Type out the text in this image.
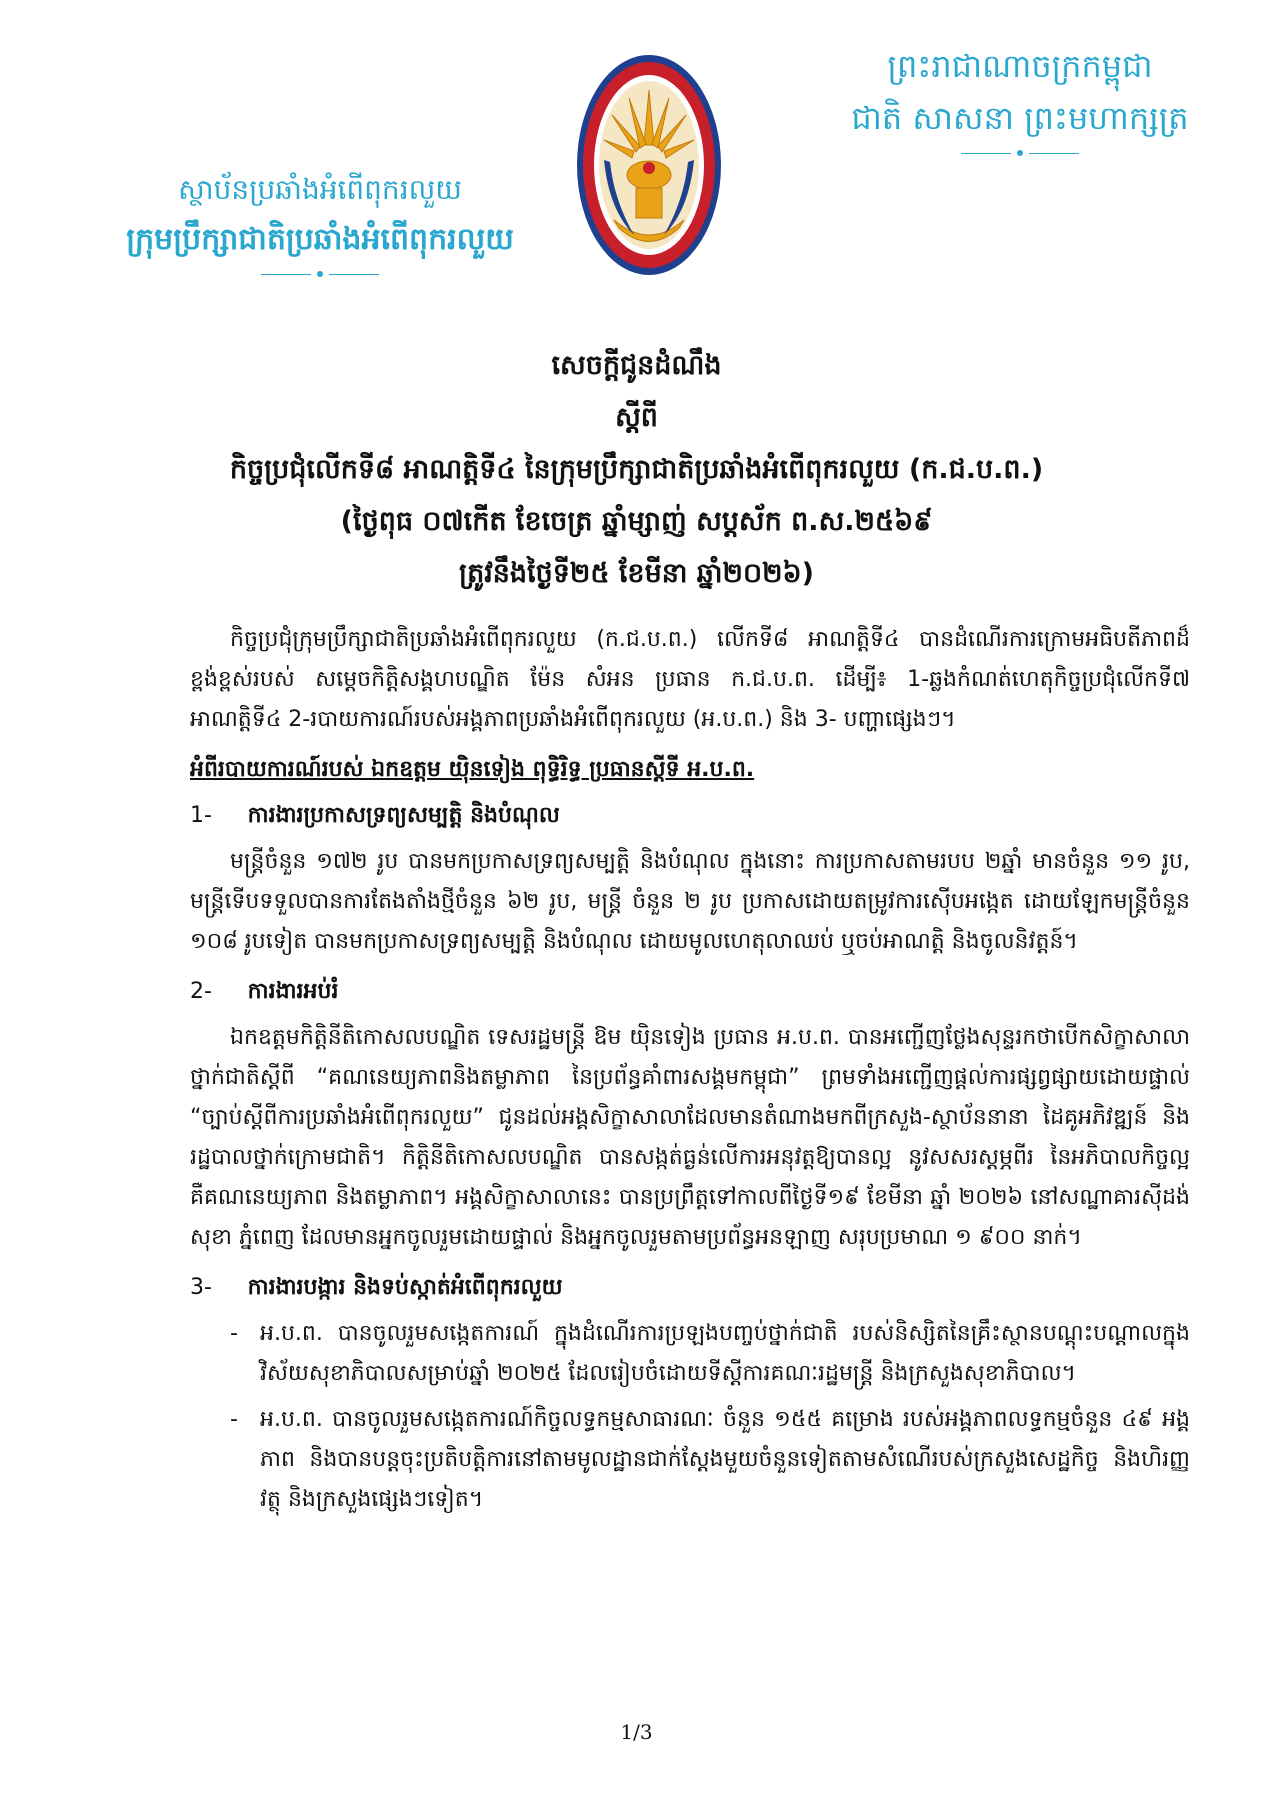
ព្រះរាជាណាចក្រកម្ពុជា
ជាតិ សាសនា ព្រះមហាក្សត្រ
ស្ថាប័នប្រឆាំងអំពើពុករលួយ
ក្រុមប្រឹក្សាជាតិប្រឆាំងអំពើពុករលួយ
សេចក្តីជូនដំណឹង
ស្តីពី
កិច្ចប្រជុំលើកទី៨ អាណត្តិទី៤ នៃក្រុមប្រឹក្សាជាតិប្រឆាំងអំពើពុករលួយ (ក.ជ.ប.ព.)
(ថ្ងៃពុធ ០៧កើត ខែចេត្រ ឆ្នាំម្សាញ់ សប្តស័ក ព.ស.២៥៦៩
ត្រូវនឹងថ្ងៃទី២៥ ខែមីនា ឆ្នាំ២០២៦)

កិច្ចប្រជុំក្រុមប្រឹក្សាជាតិប្រឆាំងអំពើពុករលួយ (ក.ជ.ប.ព.) លើកទី៨ អាណត្តិទី៤ បានដំណើរការក្រោមអធិបតីភាពដ៏ខ្ពង់ខ្ពស់របស់ សម្តេចកិត្តិសង្គហបណ្ឌិត ម៉ែន សំអន ប្រធាន ក.ជ.ប.ព. ដើម្បី៖ 1-ឆ្លងកំណត់ហេតុកិច្ចប្រជុំលើកទី៧ អាណត្តិទី៤ 2-របាយការណ៍របស់អង្គភាពប្រឆាំងអំពើពុករលួយ (អ.ប.ព.) និង 3- បញ្ហាផ្សេងៗ។

អំពីរបាយការណ៍របស់ ឯកឧត្តម យ៉ិនទៀង ពុទ្ធិរិទ្ធ ប្រធានស្តីទី អ.ប.ព.
1- ការងារប្រកាសទ្រព្យសម្បត្តិ និងបំណុល

មន្ត្រីចំនួន ១៧២ រូប បានមកប្រកាសទ្រព្យសម្បត្តិ និងបំណុល ក្នុងនោះ ការប្រកាសតាមរបប ២ឆ្នាំ មានចំនួន ១១ រូប, មន្ត្រីទើបទទួលបានការតែងតាំងថ្មីចំនួន ៦២ រូប, មន្ត្រី ចំនួន ២ រូប ប្រកាសដោយតម្រូវការស៊ើបអង្កេត ដោយឡែកមន្ត្រីចំនួន ១០៨ រូបទៀត បានមកប្រកាសទ្រព្យសម្បត្តិ និងបំណុល ដោយមូលហេតុលាឈប់ ឬចប់អាណត្តិ និងចូលនិវត្តន៍។

2- ការងារអប់រំ

ឯកឧត្តមកិត្តិនីតិកោសលបណ្ឌិត ទេសរដ្ឋមន្ត្រី ឱម យ៉ិនទៀង ប្រធាន អ.ប.ព. បានអញ្ជើញថ្លែងសុន្ទរកថាបើកសិក្ខាសាលាថ្នាក់ជាតិស្តីពី “គណនេយ្យភាពនិងតម្លាភាព នៃប្រព័ន្ធគាំពារសង្គមកម្ពុជា” ព្រមទាំងអញ្ជើញផ្តល់ការផ្សព្វផ្សាយដោយផ្ទាល់ “ច្បាប់ស្តីពីការប្រឆាំងអំពើពុករលួយ” ជូនដល់អង្គសិក្ខាសាលាដែលមានតំណាងមកពីក្រសួង-ស្ថាប័ននានា ដៃគូអភិវឌ្ឍន៍ និងរដ្ឋបាលថ្នាក់ក្រោមជាតិ។ កិត្តិនីតិកោសលបណ្ឌិត បានសង្កត់ធ្ងន់លើការអនុវត្តឱ្យបានល្អ នូវសសរស្តម្ភពីរ នៃអភិបាលកិច្ចល្អ គឺគណនេយ្យភាព និងតម្លាភាព។ អង្គសិក្ខាសាលានេះ បានប្រព្រឹត្តទៅកាលពីថ្ងៃទី១៩ ខែមីនា ឆ្នាំ ២០២៦ នៅសណ្ឋាគារស៊ីដង់សុខា ភ្នំពេញ ដែលមានអ្នកចូលរួមដោយផ្ទាល់ និងអ្នកចូលរួមតាមប្រព័ន្ធអនឡាញ សរុបប្រមាណ ១ ៩០០ នាក់។

3- ការងារបង្ការ និងទប់ស្កាត់អំពើពុករលួយ
-	អ.ប.ព. បានចូលរួមសង្កេតការណ៍ ក្នុងដំណើរការប្រឡងបញ្ចប់ថ្នាក់ជាតិ របស់និស្សិតនៃគ្រឹះស្ថានបណ្តុះបណ្តាលក្នុងវិស័យសុខាភិបាលសម្រាប់ឆ្នាំ ២០២៥ ដែលរៀបចំដោយទីស្តីការគណៈរដ្ឋមន្ត្រី និងក្រសួងសុខាភិបាល។
-	អ.ប.ព. បានចូលរួមសង្កេតការណ៍កិច្ចលទ្ធកម្មសាធារណៈ ចំនួន ១៥៥ គម្រោង របស់អង្គភាពលទ្ធកម្មចំនួន ៤៩ អង្គភាព និងបានបន្តចុះប្រតិបត្តិការនៅតាមមូលដ្ឋានជាក់ស្តែងមួយចំនួនទៀតតាមសំណើរបស់ក្រសួងសេដ្ឋកិច្ច និងហិរញ្ញវត្ថុ និងក្រសួងផ្សេងៗទៀត។
1/3
